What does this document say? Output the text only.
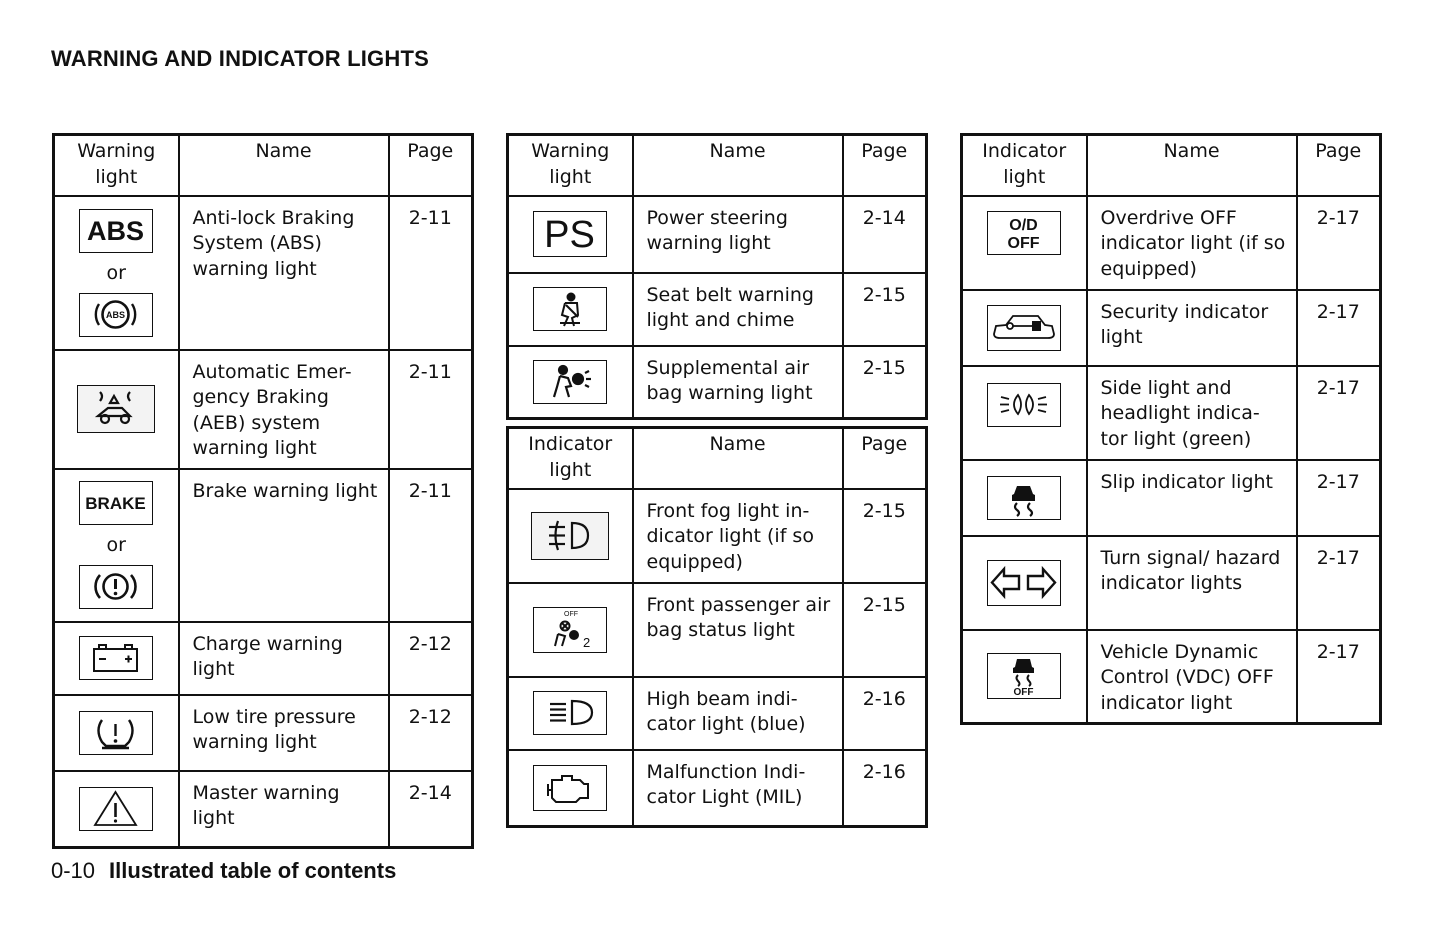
WARNING AND INDICATOR LIGHTS
Warning light	Name	Page

ABS
or
ABS	Anti-lock Braking System (ABS) warning light	2-11

	Automatic Emer- gency Braking (AEB) system warning light	2-11

BRAKE
or	Brake warning light	2-11

	Charge warning light	2-12

	Low tire pressure warning light	2-12

	Master warning light	2-14
Warning light	Name	Page

PS	Power steering warning light	2-14

	Seat belt warning light and chime	2-15

	Supplemental air bag warning light	2-15
Indicator light	Name	Page

	Front fog light in- dicator light (if so equipped)	2-15

OFF
2	Front passenger air bag status light	2-15

	High beam indi- cator light (blue)	2-16

	Malfunction Indi- cator Light (MIL)	2-16
Indicator light	Name	Page

O/D
OFF	Overdrive OFF indicator light (if so equipped)	2-17

	Security indicator light	2-17

	Side light and headlight indica- tor light (green)	2-17

	Slip indicator light	2-17

	Turn signal/ hazard indicator lights	2-17

OFF	Vehicle Dynamic Control (VDC) OFF indicator light	2-17
0-10 Illustrated table of contents
